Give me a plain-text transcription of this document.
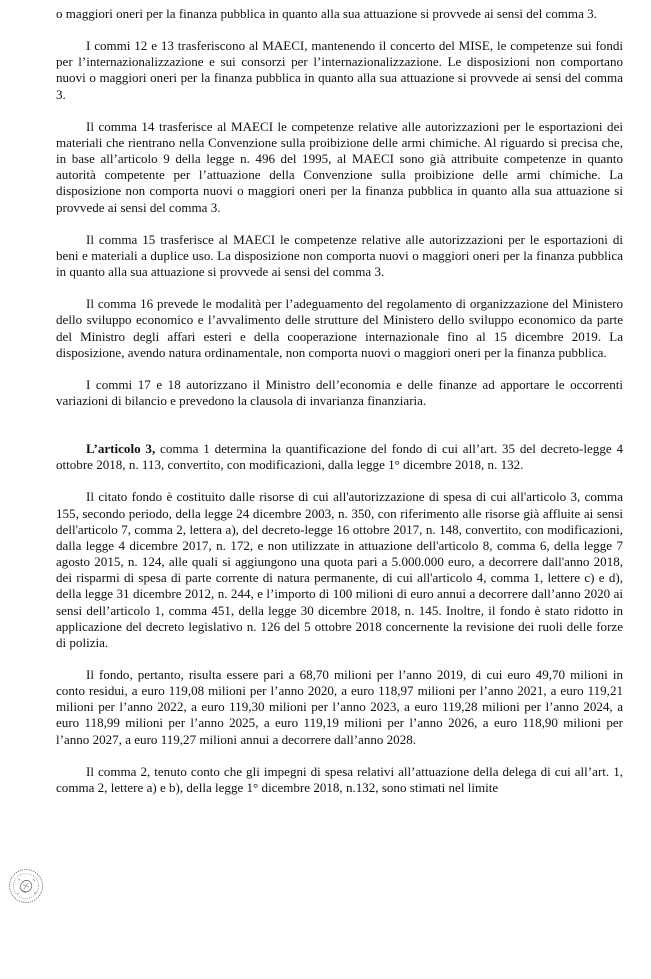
o maggiori oneri per la finanza pubblica in quanto alla sua attuazione si provvede ai sensi del comma 3.

I commi 12 e 13 trasferiscono al MAECI, mantenendo il concerto del MISE, le competenze sui fondi per l’internazionalizzazione e sui consorzi per l’internazionalizzazione. Le disposizioni non comportano nuovi o maggiori oneri per la finanza pubblica in quanto alla sua attuazione si provvede ai sensi del comma 3.

Il comma 14 trasferisce al MAECI le competenze relative alle autorizzazioni per le esportazioni dei materiali che rientrano nella Convenzione sulla proibizione delle armi chimiche. Al riguardo si precisa che, in base all’articolo 9 della legge n. 496 del 1995, al MAECI sono già attribuite competenze in quanto autorità competente per l’attuazione della Convenzione sulla proibizione delle armi chimiche. La disposizione non comporta nuovi o maggiori oneri per la finanza pubblica in quanto alla sua attuazione si provvede ai sensi del comma 3.

Il comma 15 trasferisce al MAECI le competenze relative alle autorizzazioni per le esportazioni di beni e materiali a duplice uso. La disposizione non comporta nuovi o maggiori oneri per la finanza pubblica in quanto alla sua attuazione si provvede ai sensi del comma 3.

Il comma 16 prevede le modalità per l’adeguamento del regolamento di organizzazione del Ministero dello sviluppo economico e l’avvalimento delle strutture del Ministero dello sviluppo economico da parte del Ministro degli affari esteri e della cooperazione internazionale fino al 15 dicembre 2019. La disposizione, avendo natura ordinamentale, non comporta nuovi o maggiori oneri per la finanza pubblica.

I commi 17 e 18 autorizzano il Ministro dell’economia e delle finanze ad apportare le occorrenti variazioni di bilancio e prevedono la clausola di invarianza finanziaria.

L’articolo 3, comma 1 determina la quantificazione del fondo di cui all’art. 35 del decreto-legge 4 ottobre 2018, n. 113, convertito, con modificazioni, dalla legge 1° dicembre 2018, n. 132.

Il citato fondo è costituito dalle risorse di cui all'autorizzazione di spesa di cui all'articolo 3, comma 155, secondo periodo, della legge 24 dicembre 2003, n. 350, con riferimento alle risorse già affluite ai sensi dell'articolo 7, comma 2, lettera a), del decreto-legge 16 ottobre 2017, n. 148, convertito, con modificazioni, dalla legge 4 dicembre 2017, n. 172, e non utilizzate in attuazione dell'articolo 8, comma 6, della legge 7 agosto 2015, n. 124, alle quali si aggiungono una quota pari a 5.000.000 euro, a decorrere dall'anno 2018, dei risparmi di spesa di parte corrente di natura permanente, di cui all'articolo 4, comma 1, lettere c) e d), della legge 31 dicembre 2012, n. 244, e l’importo di 100 milioni di euro annui a decorrere dall’anno 2020 ai sensi dell’articolo 1, comma 451, della legge 30 dicembre 2018, n. 145. Inoltre, il fondo è stato ridotto in applicazione del decreto legislativo n. 126 del 5 ottobre 2018 concernente la revisione dei ruoli delle forze di polizia.

Il fondo, pertanto, risulta essere pari a 68,70 milioni per l’anno 2019, di cui euro 49,70 milioni in conto residui, a euro 119,08 milioni per l’anno 2020, a euro 118,97 milioni per l’anno 2021, a euro 119,21 milioni per l’anno 2022, a euro 119,30 milioni per l’anno 2023, a euro 119,28 milioni per l’anno 2024, a euro 118,99 milioni per l’anno 2025, a euro 119,19 milioni per l’anno 2026, a euro 118,90 milioni per l’anno 2027, a euro 119,27 milioni annui a decorrere dall’anno 2028.

Il comma 2, tenuto conto che gli impegni di spesa relativi all’attuazione della delega di cui all’art. 1, comma 2, lettere a) e b), della legge 1° dicembre 2018, n.132, sono stimati nel limite
